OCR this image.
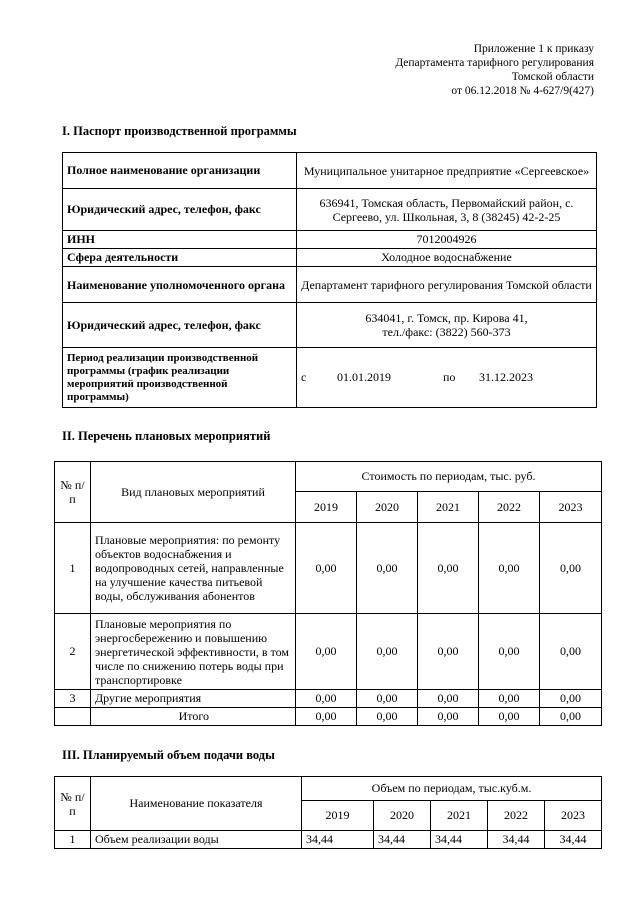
Приложение 1 к приказу
Департамента тарифного регулирования
Томской области
от 06.12.2018 № 4-627/9(427)
I. Паспорт производственной программы
Полное наименование организации	Муниципальное унитарное предприятие «Сергеевское»
Юридический адрес, телефон, факс	636941, Томская область, Первомайский район, с. Сергеево, ул. Школьная, 3, 8 (38245) 42-2-25
ИНН	7012004926
Сфера деятельности	Холодное водоснабжение
Наименование уполномоченного органа	Департамент тарифного регулирования Томской области
Юридический адрес, телефон, факс	634041, г. Томск, пр. Кирова 41,
тел./факс: (3822) 560-373

Период реализации производственной программы (график реализации мероприятий производственной программы)	с 01.01.2019 по 31.12.2023
II. Перечень плановых мероприятий
№ п/п	Вид плановых мероприятий	Стоимость по периодам, тыс. руб.				
		2019	2020	2021	2022	2023
1	Плановые мероприятия: по ремонту объектов водоснабжения и водопроводных сетей, направленные на улучшение качества питьевой воды, обслуживания абонентов	0,00	0,00	0,00	0,00	0,00
2	Плановые мероприятия по энергосбережению и повышению энергетической эффективности, в том числе по снижению потерь воды при транспортировке	0,00	0,00	0,00	0,00	0,00
3	Другие мероприятия	0,00	0,00	0,00	0,00	0,00
	Итого	0,00	0,00	0,00	0,00	0,00
III. Планируемый объем подачи воды
№ п/п	Наименование показателя	Объем по периодам, тыс.куб.м.				
		2019	2020	2021	2022	2023
1	Объем реализации воды	34,44	34,44	34,44	34,44	34,44
